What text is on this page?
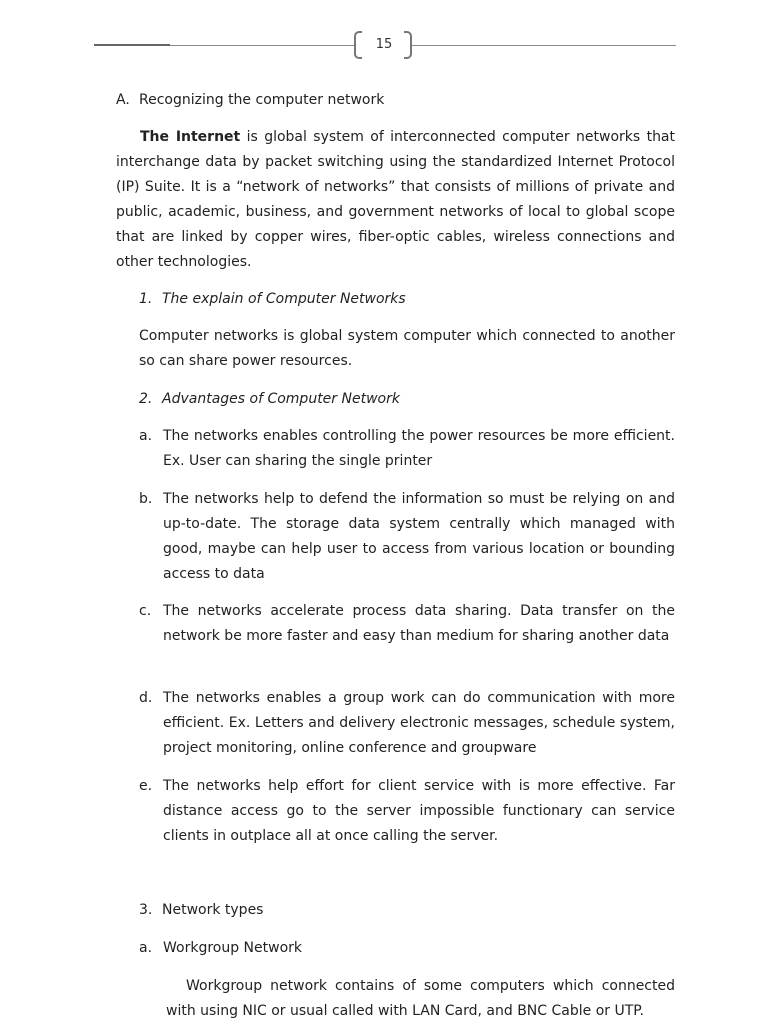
15

A. Recognizing the computer network

The Internet is global system of interconnected computer networks that interchange data by packet switching using the standardized Internet Protocol (IP) Suite. It is a “network of networks” that consists of millions of private and public, academic, business, and government networks of local to global scope that are linked by copper wires, fiber-optic cables, wireless connections and other technologies.

1. The explain of Computer Networks

Computer networks is global system computer which connected to another so can share power resources.

2. Advantages of Computer Network

a. The networks enables controlling the power resources be more efficient. Ex. User can sharing the single printer

b. The networks help to defend the information so must be relying on and up-to-date. The storage data system centrally which managed with good, maybe can help user to access from various location or bounding access to data

c. The networks accelerate process data sharing. Data transfer on the network be more faster and easy than medium for sharing another data

d. The networks enables a group work can do communication with more efficient. Ex. Letters and delivery electronic messages, schedule system, project monitoring, online conference and groupware

e. The networks help effort for client service with is more effective. Far distance access go to the server impossible functionary can service clients in outplace all at once calling the server.

3. Network types

a. Workgroup Network

Workgroup network contains of some computers which connected with using NIC or usual called with LAN Card, and BNC Cable or UTP.
